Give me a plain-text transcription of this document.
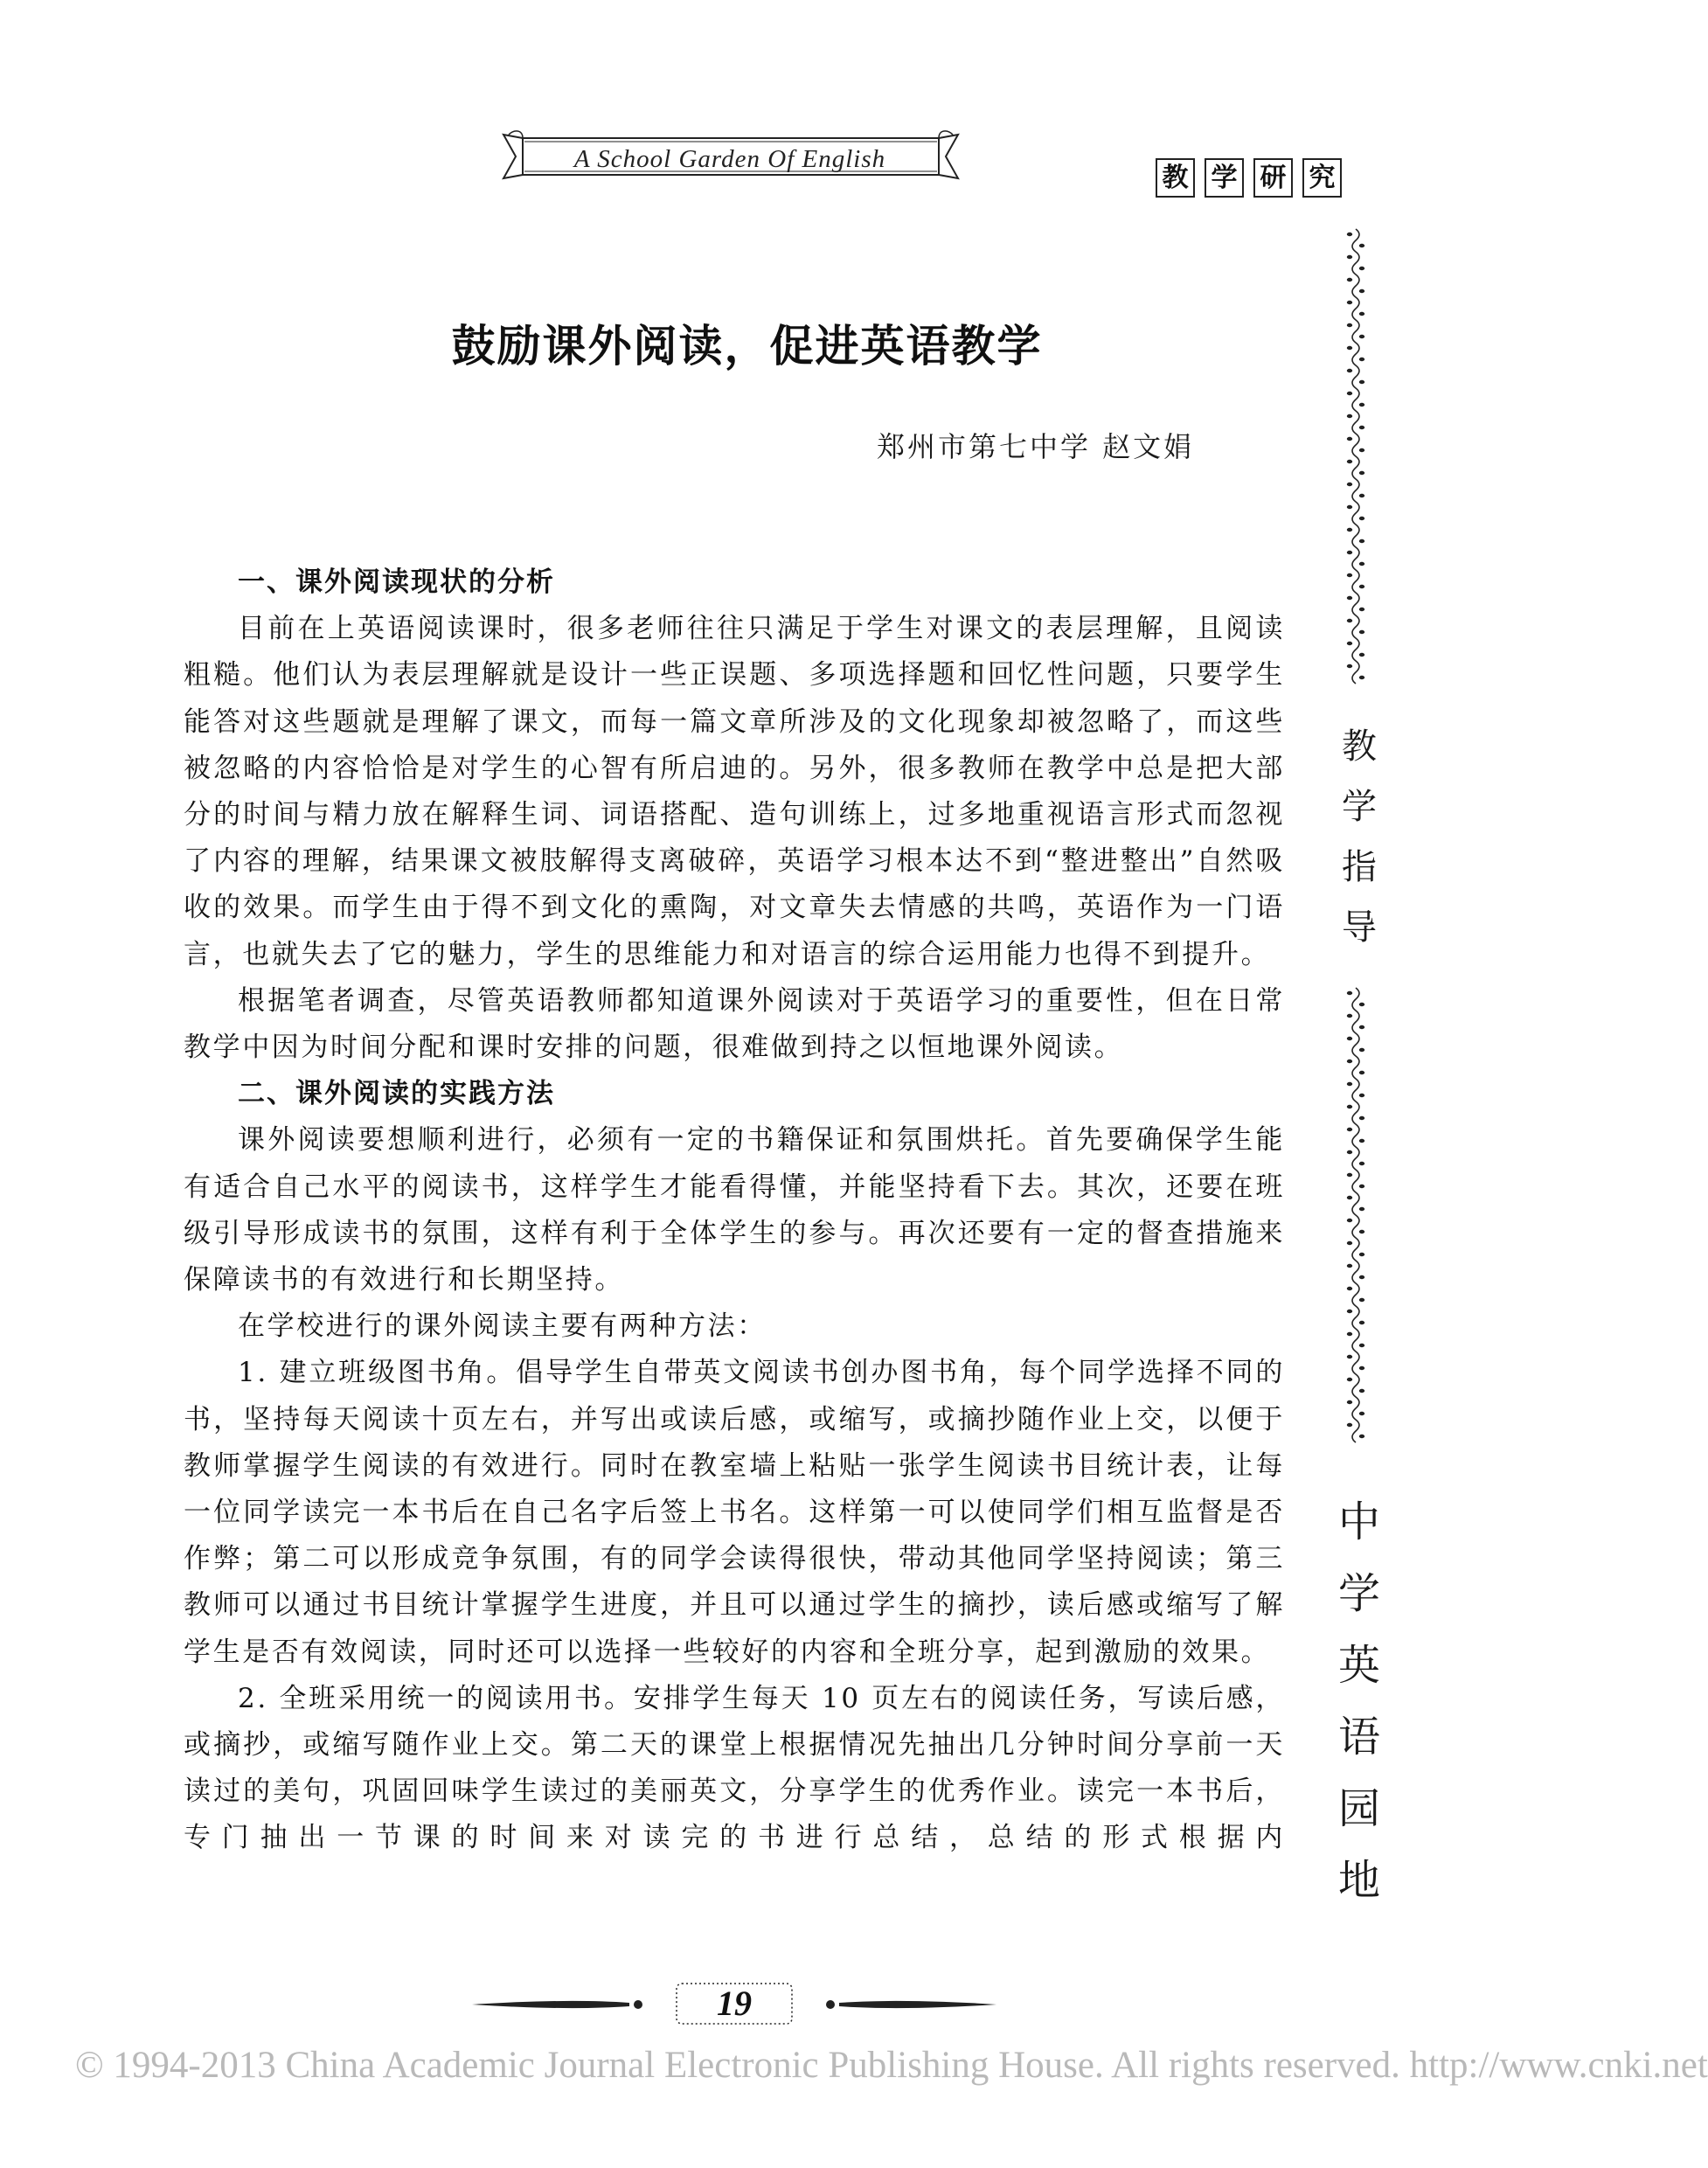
A School Garden Of English
教 学 研 究
教
学
指
导
中
学
英
语
园
地
鼓励课外阅读，促进英语教学
郑州市第七中学 赵文娟
一、课外阅读现状的分析

目前在上英语阅读课时，很多老师往往只满足于学生对课文的表层理解，且阅读粗糙。他们认为表层理解就是设计一些正误题、多项选择题和回忆性问题，只要学生能答对这些题就是理解了课文，而每一篇文章所涉及的文化现象却被忽略了，而这些被忽略的内容恰恰是对学生的心智有所启迪的。另外，很多教师在教学中总是把大部分的时间与精力放在解释生词、词语搭配、造句训练上，过多地重视语言形式而忽视了内容的理解，结果课文被肢解得支离破碎，英语学习根本达不到“整进整出”自然吸收的效果。而学生由于得不到文化的熏陶，对文章失去情感的共鸣，英语作为一门语言，也就失去了它的魅力，学生的思维能力和对语言的综合运用能力也得不到提升。

根据笔者调查，尽管英语教师都知道课外阅读对于英语学习的重要性，但在日常教学中因为时间分配和课时安排的问题，很难做到持之以恒地课外阅读。

二、课外阅读的实践方法

课外阅读要想顺利进行，必须有一定的书籍保证和氛围烘托。首先要确保学生能有适合自己水平的阅读书，这样学生才能看得懂，并能坚持看下去。其次，还要在班级引导形成读书的氛围，这样有利于全体学生的参与。再次还要有一定的督查措施来保障读书的有效进行和长期坚持。

在学校进行的课外阅读主要有两种方法：

1. 建立班级图书角。倡导学生自带英文阅读书创办图书角，每个同学选择不同的书，坚持每天阅读十页左右，并写出或读后感，或缩写，或摘抄随作业上交，以便于教师掌握学生阅读的有效进行。同时在教室墙上粘贴一张学生阅读书目统计表，让每一位同学读完一本书后在自己名字后签上书名。这样第一可以使同学们相互监督是否作弊；第二可以形成竞争氛围，有的同学会读得很快，带动其他同学坚持阅读；第三教师可以通过书目统计掌握学生进度，并且可以通过学生的摘抄，读后感或缩写了解学生是否有效阅读，同时还可以选择一些较好的内容和全班分享，起到激励的效果。

2. 全班采用统一的阅读用书。安排学生每天 10 页左右的阅读任务，写读后感，或摘抄，或缩写随作业上交。第二天的课堂上根据情况先抽出几分钟时间分享前一天读过的美句，巩固回味学生读过的美丽英文，分享学生的优秀作业。读完一本书后，专门抽出一节课的时间来对读完的书进行总结，总结的形式根据内

19
© 1994-2013 China Academic Journal Electronic Publishing House. All rights reserved. http://www.cnki.net
